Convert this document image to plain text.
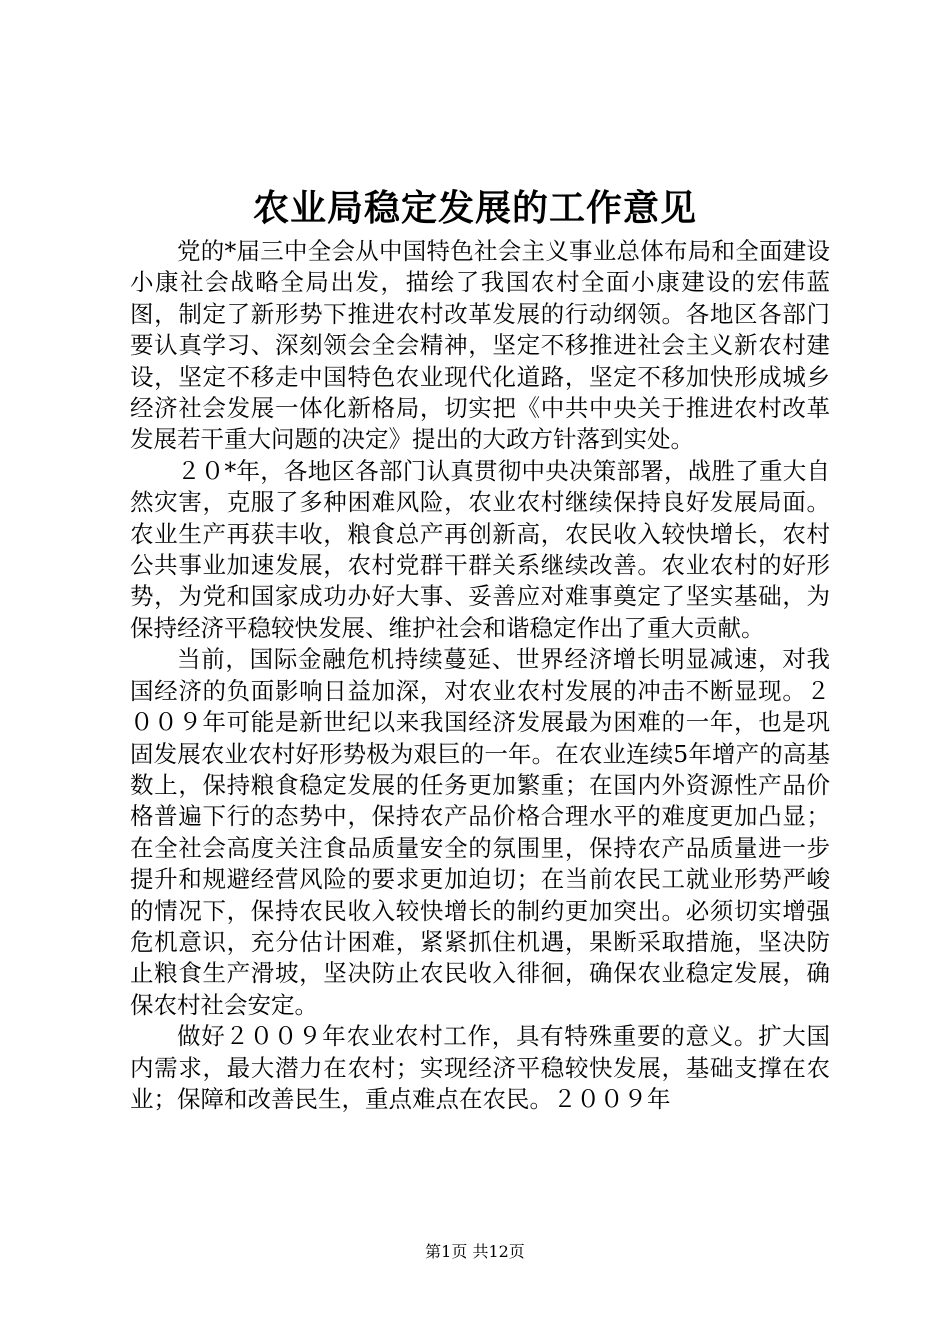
农业局稳定发展的工作意见

党的*届三中全会从中国特色社会主义事业总体布局和全面建设小康社会战略全局出发，描绘了我国农村全面小康建设的宏伟蓝图，制定了新形势下推进农村改革发展的行动纲领。各地区各部门要认真学习、深刻领会全会精神，坚定不移推进社会主义新农村建设，坚定不移走中国特色农业现代化道路，坚定不移加快形成城乡经济社会发展一体化新格局，切实把《中共中央关于推进农村改革发展若干重大问题的决定》提出的大政方针落到实处。

２０*年，各地区各部门认真贯彻中央决策部署，战胜了重大自然灾害，克服了多种困难风险，农业农村继续保持良好发展局面。农业生产再获丰收，粮食总产再创新高，农民收入较快增长，农村公共事业加速发展，农村党群干群关系继续改善。农业农村的好形势，为党和国家成功办好大事、妥善应对难事奠定了坚实基础，为保持经济平稳较快发展、维护社会和谐稳定作出了重大贡献。

当前，国际金融危机持续蔓延、世界经济增长明显减速，对我国经济的负面影响日益加深，对农业农村发展的冲击不断显现。２００９年可能是新世纪以来我国经济发展最为困难的一年，也是巩固发展农业农村好形势极为艰巨的一年。在农业连续5年增产的高基数上，保持粮食稳定发展的任务更加繁重；在国内外资源性产品价格普遍下行的态势中，保持农产品价格合理水平的难度更加凸显；在全社会高度关注食品质量安全的氛围里，保持农产品质量进一步提升和规避经营风险的要求更加迫切；在当前农民工就业形势严峻的情况下，保持农民收入较快增长的制约更加突出。必须切实增强危机意识，充分估计困难，紧紧抓住机遇，果断采取措施，坚决防止粮食生产滑坡，坚决防止农民收入徘徊，确保农业稳定发展，确保农村社会安定。

做好２００９年农业农村工作，具有特殊重要的意义。扩大国内需求，最大潜力在农村；实现经济平稳较快发展，基础支撑在农业；保障和改善民生，重点难点在农民。２００９年

第1页 共12页
